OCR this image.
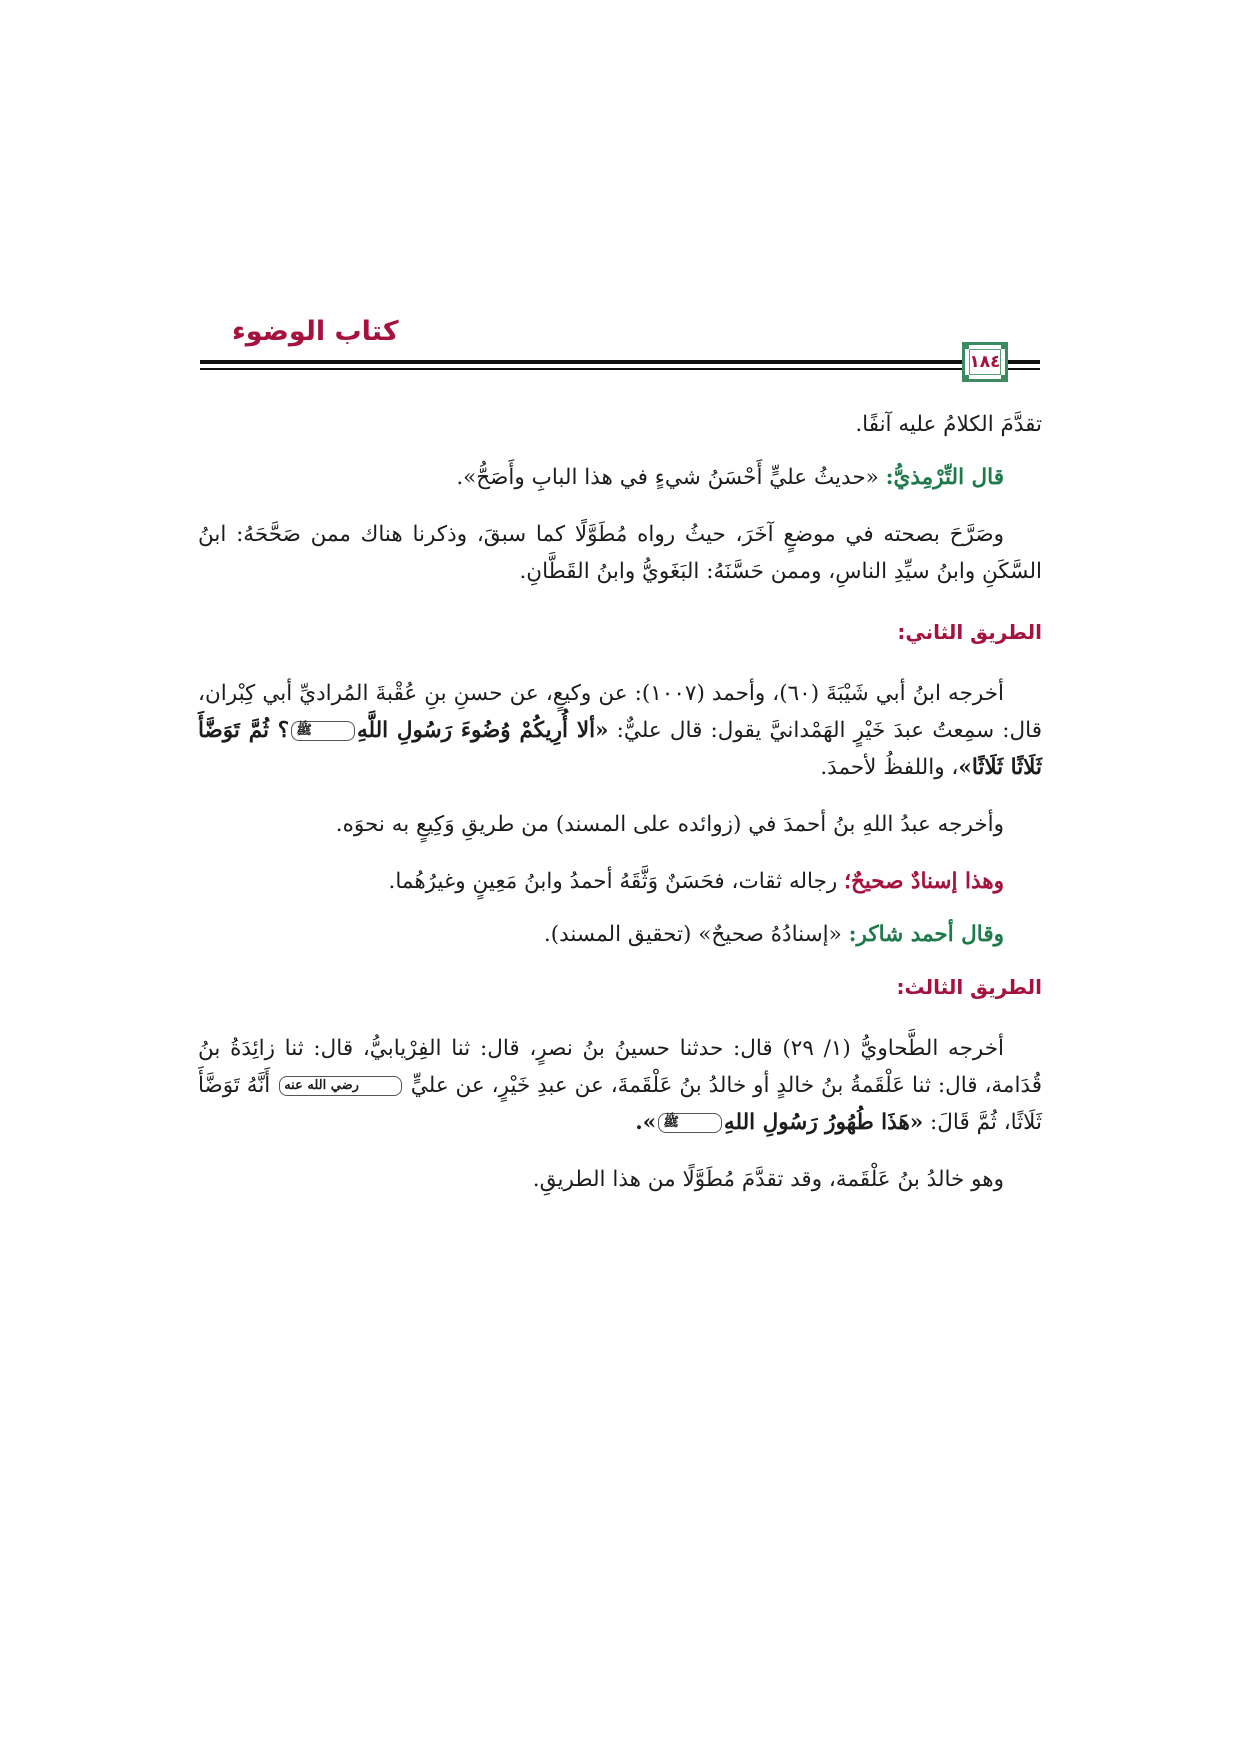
كتاب الوضوء
١٨٤

تقدَّمَ الكلامُ عليه آنفًا.

قال التِّرْمِذيُّ: «حديثُ عليٍّ أَحْسَنُ شيءٍ في هذا البابِ وأَصَحُّ».

وصَرَّحَ بصحته في موضعٍ آخَرَ، حيثُ رواه مُطَوَّلًا كما سبقَ، وذكرنا هناك ممن صَحَّحَهُ: ابنُ السَّكَنِ وابنُ سيِّدِ الناسِ، وممن حَسَّنَهُ: البَغَويُّ وابنُ القَطَّانِ.

الطريق الثاني:

أخرجه ابنُ أبي شَيْبَةَ (٦٠)، وأحمد (١٠٠٧): عن وكيعٍ، عن حسنِ بنِ عُقْبةَ المُراديِّ أبي كِبْران، قال: سمِعتُ عبدَ خَيْرٍ الهَمْدانيَّ يقول: قال عليٌّ: «ألا أُرِيكُمْ وُضُوءَ رَسُولِ اللَّهِﷺ؟ ثُمَّ تَوَضَّأَ ثَلَاثًا ثَلَاثًا»، واللفظُ لأحمدَ.

وأخرجه عبدُ اللهِ بنُ أحمدَ في (زوائده على المسند) من طريقِ وَكِيعٍ به نحوَه.

وهذا إسنادٌ صحيحٌ؛ رجاله ثقات، فحَسَنٌ وَثَّقَهُ أحمدُ وابنُ مَعِينٍ وغيرُهُما.

وقال أحمد شاكر: «إسنادُهُ صحيحٌ» (تحقيق المسند).

الطريق الثالث:

أخرجه الطَّحاويُّ (١/ ٢٩) قال: حدثنا حسينُ بنُ نصرٍ، قال: ثنا الفِرْيابيُّ، قال: ثنا زائِدَةُ بنُ قُدَامة، قال: ثنا عَلْقَمةُ بنُ خالدٍ أو خالدُ بنُ عَلْقَمةَ، عن عبدِ خَيْرٍ، عن عليٍّ رضي الله عنه أَنَّهُ تَوَضَّأَ ثَلَاثًا، ثُمَّ قَالَ: «هَذَا طُهُورُ رَسُولِ اللهِﷺ».

وهو خالدُ بنُ عَلْقَمة، وقد تقدَّمَ مُطَوَّلًا من هذا الطريقِ.
